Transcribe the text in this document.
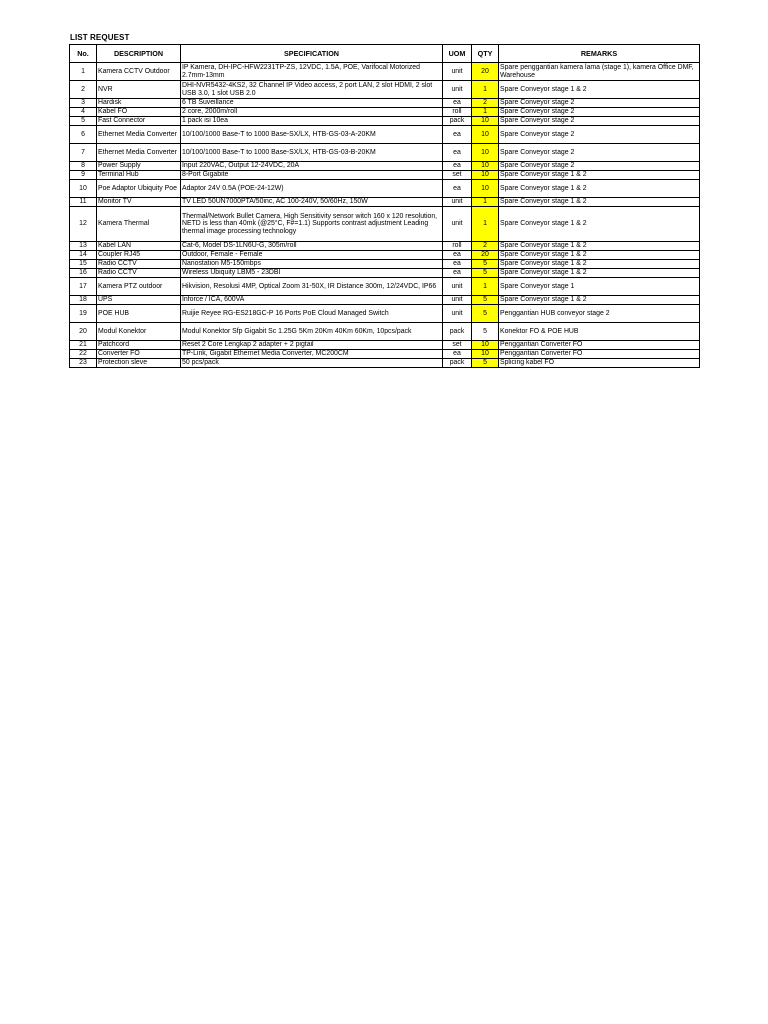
LIST REQUEST
No.	DESCRIPTION	SPECIFICATION	UOM	QTY	REMARKS
1	Kamera CCTV Outdoor	IP Kamera, DH-IPC-HFW2231TP-ZS, 12VDC, 1.5A, POE, Varifocal Motorized 2.7mm-13mm	unit	20	Spare penggantian kamera lama (stage 1), kamera Office DMF, Warehouse
2	NVR	DHI-NVR5432-4KS2, 32 Channel IP Video access, 2 port LAN, 2 slot HDMI, 2 slot USB 3.0, 1 slot USB 2.0	unit	1	Spare Conveyor stage 1 & 2
3	Hardisk	6 TB Suveillance	ea	2	Spare Conveyor stage 2
4	Kabel FO	2 core, 2000m/roll	roll	1	Spare Conveyor stage 2
5	Fast Connector	1 pack isi 10ea	pack	10	Spare Conveyor stage 2
6	Ethernet Media Converter	10/100/1000 Base-T to 1000 Base-SX/LX, HTB-GS-03-A-20KM	ea	10	Spare Conveyor stage 2
7	Ethernet Media Converter	10/100/1000 Base-T to 1000 Base-SX/LX, HTB-GS-03-B-20KM	ea	10	Spare Conveyor stage 2
8	Power Supply	Input 220VAC, Output 12-24VDC, 20A	ea	10	Spare Conveyor stage 2
9	Terminal Hub	8-Port Gigabite	set	10	Spare Conveyor stage 1 & 2
10	Poe Adaptor Ubiquity Poe	Adaptor 24V 0.5A (POE-24-12W)	ea	10	Spare Conveyor stage 1 & 2
11	Monitor TV	TV LED 50UN7000PTA/50inc, AC 100-240V, 50/60Hz, 150W	unit	1	Spare Conveyor stage 1 & 2
12	Kamera Thermal	Thermal/Network Bullet Camera, High Sensitivity sensor witch 160 x 120 resolution, NETD is less than 40mk (@25°C, F#=1.1) Supports contrast adjustment Leading thermal image processing technology	unit	1	Spare Conveyor stage 1 & 2
13	Kabel LAN	Cat-6, Model DS-1LN6U-G, 305m/roll	roll	2	Spare Conveyor stage 1 & 2
14	Coupler RJ45	Outdoor, Female - Female	ea	20	Spare Conveyor stage 1 & 2
15	Radio CCTV	Nanostation M5-150mbps	ea	5	Spare Conveyor stage 1 & 2
16	Radio CCTV	Wireless Ubiquity LBM5 - 23DBI	ea	5	Spare Conveyor stage 1 & 2
17	Kamera PTZ outdoor	Hikvision, Resolusi 4MP, Optical Zoom 31-50X, IR Distance 300m, 12/24VDC, IP66	unit	1	Spare Conveyor stage 1
18	UPS	Inforce / ICA, 600VA	unit	5	Spare Conveyor stage 1 & 2
19	POE HUB	Ruijie Reyee RG-ES218GC-P 16 Ports PoE Cloud Managed Switch	unit	5	Penggantian HUB conveyor stage 2
20	Modul Konektor	Modul Konektor Sfp Gigabit Sc 1.25G 5Km 20Km 40Km 60Km, 10pcs/pack	pack	5	Konektor FO & POE HUB
21	Patchcord	Reset 2 Core Lengkap 2 adapter + 2 pigtail	set	10	Penggantian Converter FO
22	Converter FO	TP-Link, Gigabit Ethernet Media Converter, MC200CM	ea	10	Penggantian Converter FO
23	Protection sleve	50 pcs/pack	pack	5	Splicing kabel FO
